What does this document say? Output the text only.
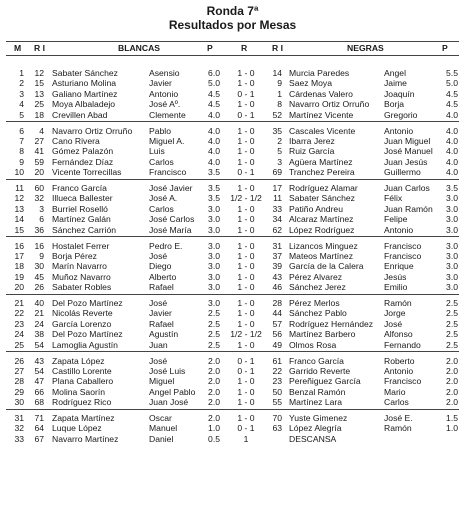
Ronda 7ª
Resultados por Mesas
M R I	BLANCAS	P	R	R I	NEGRAS	P
1	12 Sabater Sánchez	Asensio	6.0	1 - 0	14 Murcia Paredes	Angel	5.5
2	15 Asturiano Molina	Javier	5.0	1 - 0	9 Saez Moya	Jaime	5.0
3	13 Galiano Martínez	Antonio	4.5	0 - 1	1 Cárdenas Valero	Joaquín	4.5
4	25 Moya Albaladejo	José Aº.	4.5	1 - 0	8 Navarro Ortiz Orruño	Borja	4.5
5	18 Crevillen Abad	Clemente	4.0	0 - 1	52 Martínez Vicente	Gregorio	4.0
6	4 Navarro Ortiz Orruño	Pablo	4.0	1 - 0	35 Cascales Vicente	Antonio	4.0
7	27 Cano Rivera	Miguel A.	4.0	1 - 0	2 Ibarra Jerez	Juan Miguel	4.0
8	41 Gómez Palazón	Luis	4.0	1 - 0	5 Ruiz García	José Manuel	4.0
9	59 Fernández Díaz	Carlos	4.0	1 - 0	3 Agüera Martínez	Juan Jesús	4.0
10	20 Vicente Torrecillas	Francisco	3.5	0 - 1	69 Tranchez Pereira	Guillermo	4.0
11	60 Franco García	José Javier	3.5	1 - 0	17 Rodríguez Alamar	Juan Carlos	3.5
12	32 Illueca Ballester	José A.	3.5 1/2 - 1/2	11 Sabater Sánchez	Félix	3.0
13	3 Burriel Roselló	Carlos	3.0	1 - 0	33 Patiño Andreu	Juan Ramón	3.0
14	6 Martínez Galán	José Carlos	3.0	1 - 0	34 Alcaraz Martínez	Felipe	3.0
15	36 Sánchez Carrión	José María	3.0	1 - 0	62 López Rodríguez	Antonio	3.0
16	16 Hostalet Ferrer	Pedro E.	3.0	1 - 0	31 Lizancos Minguez	Francisco	3.0
17	9 Borja Pérez	José	3.0	1 - 0	37 Mateos Martínez	Francisco	3.0
18	30 Marín Navarro	Diego	3.0	1 - 0	39 García de la Calera	Enrique	3.0
19	45 Muñoz Navarro	Alberto	3.0	1 - 0	43 Pérez Alvarez	Jesús	3.0
20	26 Sabater Robles	Rafael	3.0	1 - 0	46 Sánchez Jerez	Emilio	3.0
21	40 Del Pozo Martínez	José	3.0	1 - 0	28 Pérez Merlos	Ramón	2.5
22	21 Nicolás Reverte	Javier	2.5	1 - 0	44 Sánchez Pablo	Jorge	2.5
23	24 García Lorenzo	Rafael	2.5	1 - 0	57 Rodríguez Hernández	José	2.5
24	38 Del Pozo Martínez	Agustín	2.5 1/2 - 1/2	56 Martínez Barbero	Alfonso	2.5
25	54 Lamoglia Agustín	Juan	2.5	1 - 0	49 Olmos Rosa	Fernando	2.5
26	43 Zapata López	José	2.0	0 - 1	61 Franco García	Roberto	2.0
27	54 Castillo Lorente	José Luis	2.0	0 - 1	22 Garrido Reverte	Antonio	2.0
28	47 Plana Caballero	Miguel	2.0	1 - 0	23 Pereñiguez García	Francisco	2.0
29	66 Molina Saorín	Angel Pablo	2.0	1 - 0	50 Benzal Ramón	Mario	2.0
30	68 Rodríguez Rico	Juan José	2.0	1 - 0	55 Martínez Lara	Carlos	2.0
31	71 Zapata Martínez	Oscar	2.0	1 - 0	70 Yuste Gimenez	José E.	1.5
32	64 Luque López	Manuel	1.0	0 - 1	63 López Alegría	Ramón	1.0
33	67 Navarro Martínez	Daniel	0.5	1	DESCANSA
